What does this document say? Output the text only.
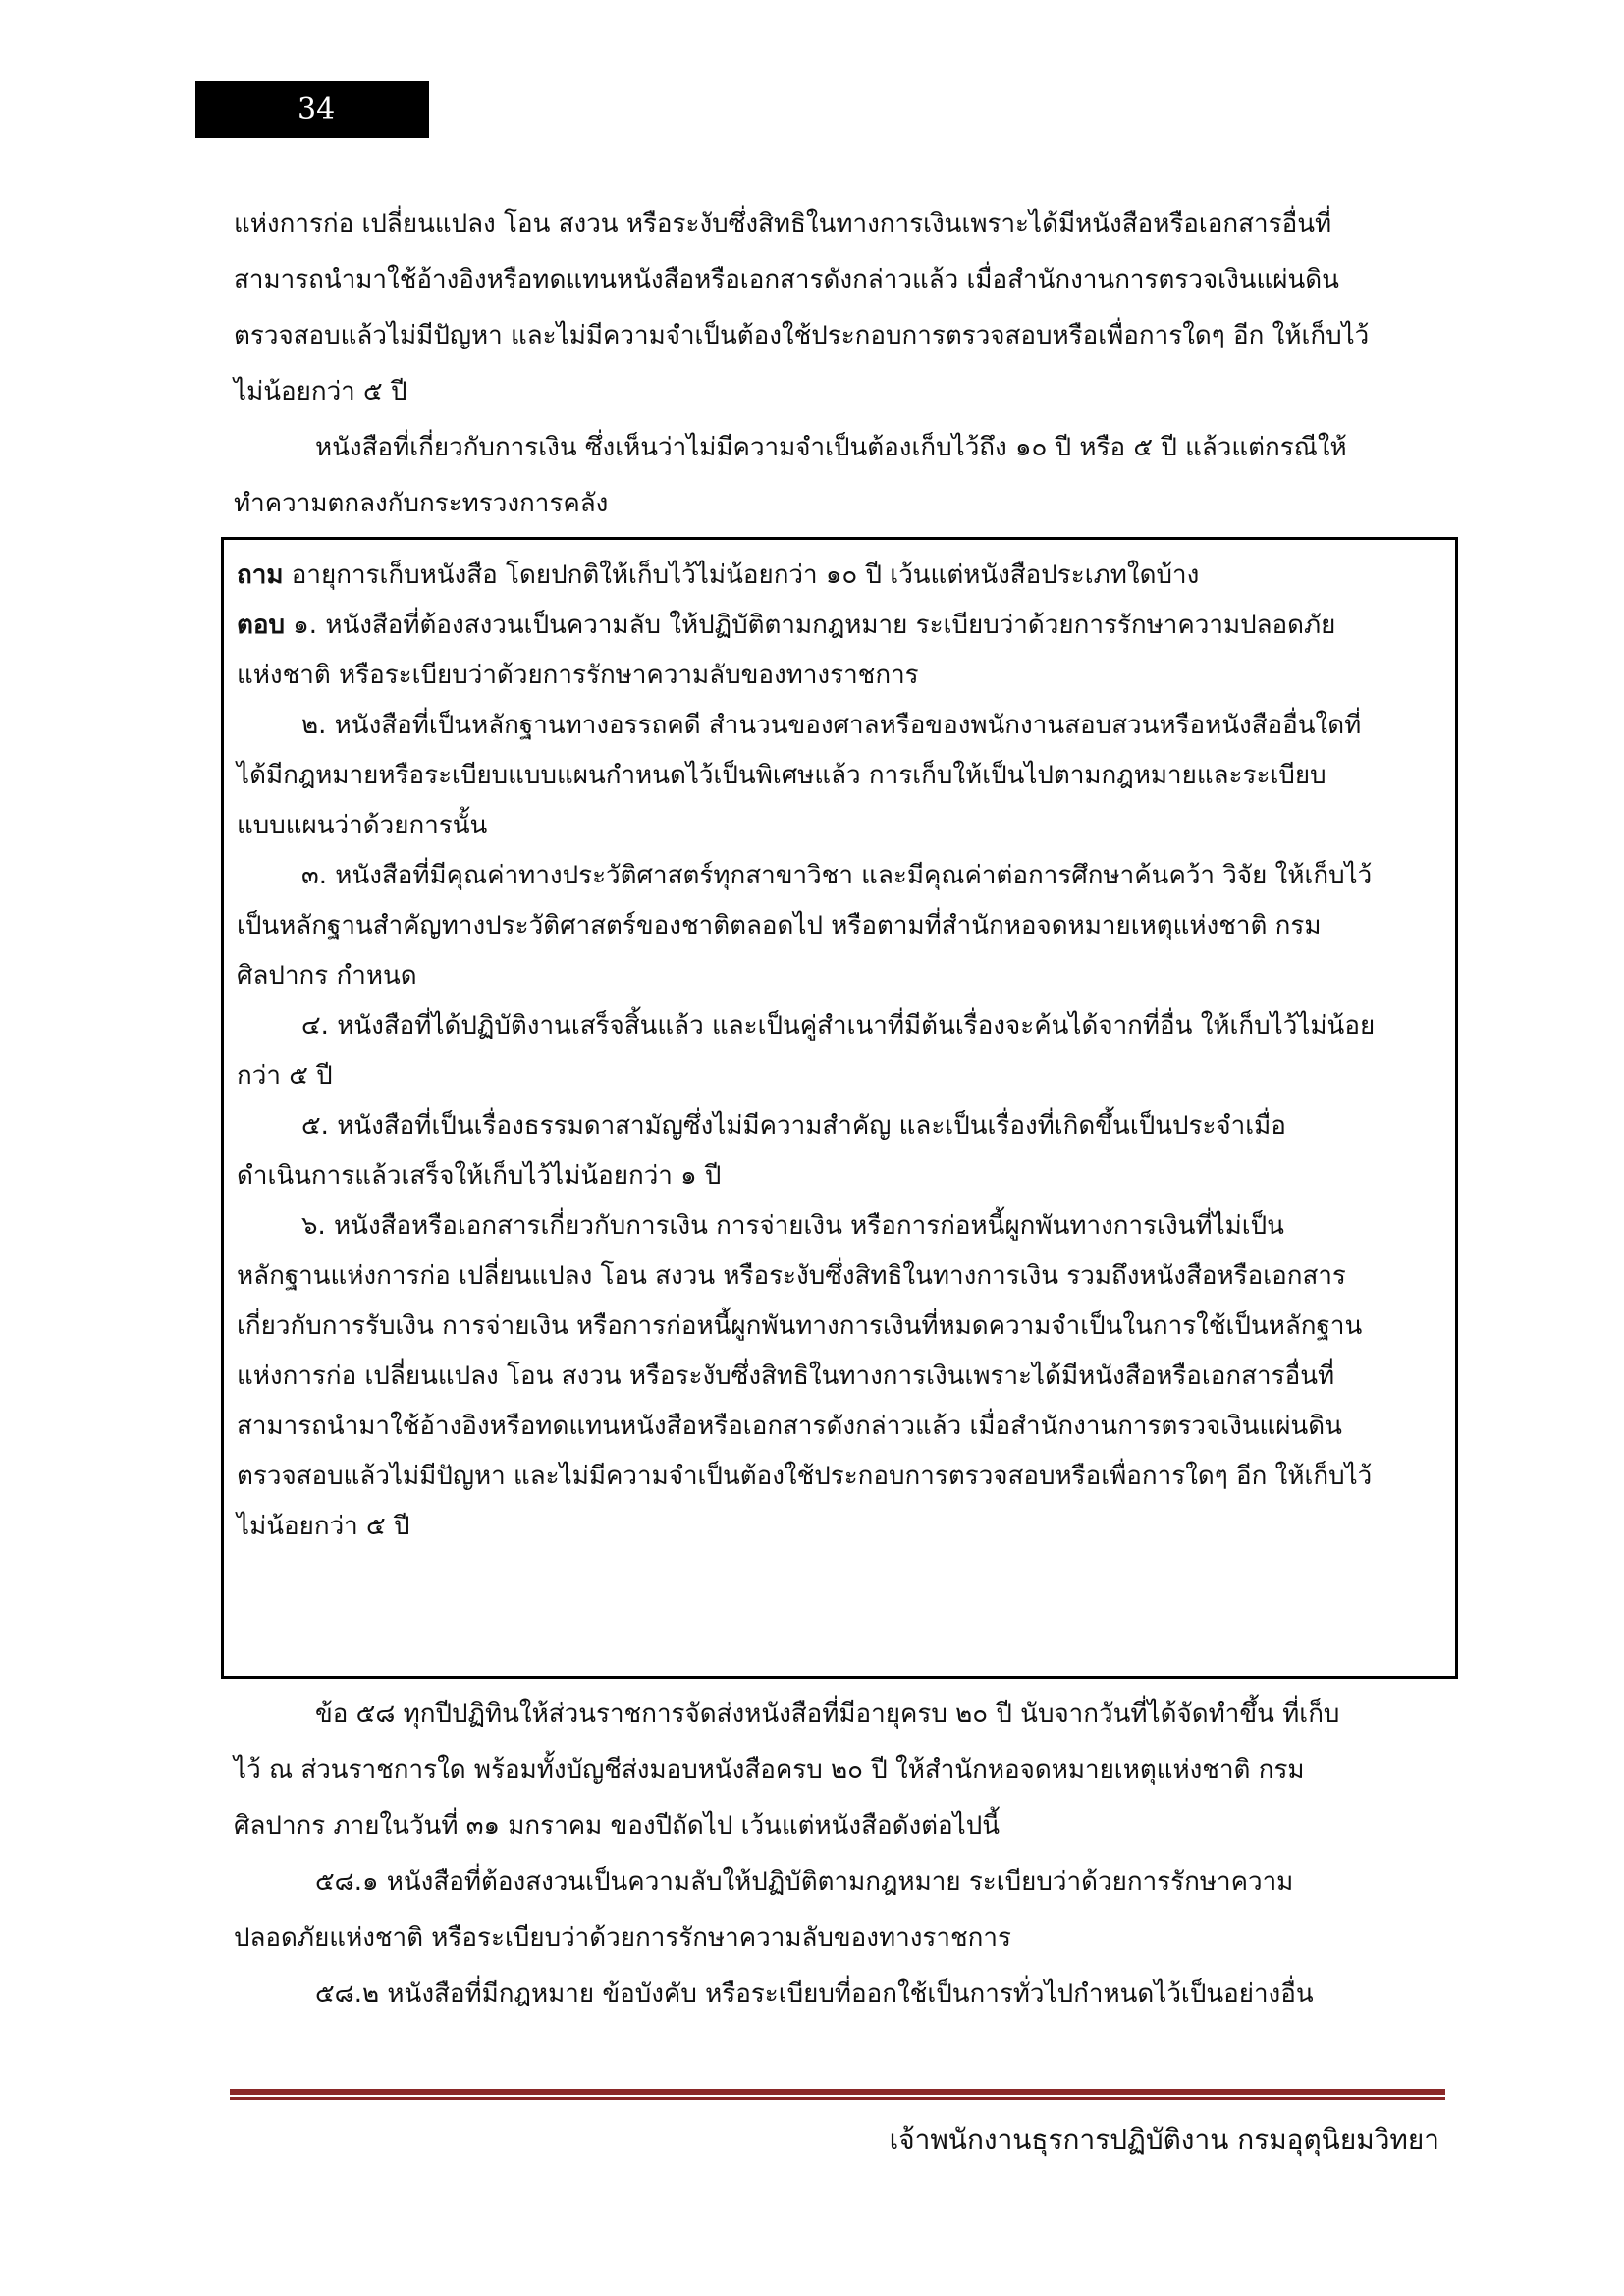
34

แห่งการก่อ เปลี่ยนแปลง โอน สงวน หรือระงับซึ่งสิทธิในทางการเงินเพราะได้มีหนังสือหรือเอกสารอื่นที่

สามารถนำมาใช้อ้างอิงหรือทดแทนหนังสือหรือเอกสารดังกล่าวแล้ว เมื่อสำนักงานการตรวจเงินแผ่นดิน

ตรวจสอบแล้วไม่มีปัญหา และไม่มีความจำเป็นต้องใช้ประกอบการตรวจสอบหรือเพื่อการใดๆ อีก ให้เก็บไว้

ไม่น้อยกว่า ๕ ปี

หนังสือที่เกี่ยวกับการเงิน ซึ่งเห็นว่าไม่มีความจำเป็นต้องเก็บไว้ถึง ๑๐ ปี หรือ ๕ ปี แล้วแต่กรณีให้

ทำความตกลงกับกระทรวงการคลัง

ถาม อายุการเก็บหนังสือ โดยปกติให้เก็บไว้ไม่น้อยกว่า ๑๐ ปี เว้นแต่หนังสือประเภทใดบ้าง

ตอบ ๑. หนังสือที่ต้องสงวนเป็นความลับ ให้ปฏิบัติตามกฎหมาย ระเบียบว่าด้วยการรักษาความปลอดภัย

แห่งชาติ หรือระเบียบว่าด้วยการรักษาความลับของทางราชการ

๒. หนังสือที่เป็นหลักฐานทางอรรถคดี สำนวนของศาลหรือของพนักงานสอบสวนหรือหนังสืออื่นใดที่

ได้มีกฎหมายหรือระเบียบแบบแผนกำหนดไว้เป็นพิเศษแล้ว การเก็บให้เป็นไปตามกฎหมายและระเบียบ

แบบแผนว่าด้วยการนั้น

๓. หนังสือที่มีคุณค่าทางประวัติศาสตร์ทุกสาขาวิชา และมีคุณค่าต่อการศึกษาค้นคว้า วิจัย ให้เก็บไว้

เป็นหลักฐานสำคัญทางประวัติศาสตร์ของชาติตลอดไป หรือตามที่สำนักหอจดหมายเหตุแห่งชาติ กรม

ศิลปากร กำหนด

๔. หนังสือที่ได้ปฏิบัติงานเสร็จสิ้นแล้ว และเป็นคู่สำเนาที่มีต้นเรื่องจะค้นได้จากที่อื่น ให้เก็บไว้ไม่น้อย

กว่า ๕ ปี

๕. หนังสือที่เป็นเรื่องธรรมดาสามัญซึ่งไม่มีความสำคัญ และเป็นเรื่องที่เกิดขึ้นเป็นประจำเมื่อ

ดำเนินการแล้วเสร็จให้เก็บไว้ไม่น้อยกว่า ๑ ปี

๖. หนังสือหรือเอกสารเกี่ยวกับการเงิน การจ่ายเงิน หรือการก่อหนี้ผูกพันทางการเงินที่ไม่เป็น

หลักฐานแห่งการก่อ เปลี่ยนแปลง โอน สงวน หรือระงับซึ่งสิทธิในทางการเงิน รวมถึงหนังสือหรือเอกสาร

เกี่ยวกับการรับเงิน การจ่ายเงิน หรือการก่อหนี้ผูกพันทางการเงินที่หมดความจำเป็นในการใช้เป็นหลักฐาน

แห่งการก่อ เปลี่ยนแปลง โอน สงวน หรือระงับซึ่งสิทธิในทางการเงินเพราะได้มีหนังสือหรือเอกสารอื่นที่

สามารถนำมาใช้อ้างอิงหรือทดแทนหนังสือหรือเอกสารดังกล่าวแล้ว เมื่อสำนักงานการตรวจเงินแผ่นดิน

ตรวจสอบแล้วไม่มีปัญหา และไม่มีความจำเป็นต้องใช้ประกอบการตรวจสอบหรือเพื่อการใดๆ อีก ให้เก็บไว้

ไม่น้อยกว่า ๕ ปี

ข้อ ๕๘ ทุกปีปฏิทินให้ส่วนราชการจัดส่งหนังสือที่มีอายุครบ ๒๐ ปี นับจากวันที่ได้จัดทำขึ้น ที่เก็บ

ไว้ ณ ส่วนราชการใด พร้อมทั้งบัญชีส่งมอบหนังสือครบ ๒๐ ปี ให้สำนักหอจดหมายเหตุแห่งชาติ กรม

ศิลปากร ภายในวันที่ ๓๑ มกราคม ของปีถัดไป เว้นแต่หนังสือดังต่อไปนี้

๕๘.๑ หนังสือที่ต้องสงวนเป็นความลับให้ปฏิบัติตามกฎหมาย ระเบียบว่าด้วยการรักษาความ

ปลอดภัยแห่งชาติ หรือระเบียบว่าด้วยการรักษาความลับของทางราชการ

๕๘.๒ หนังสือที่มีกฎหมาย ข้อบังคับ หรือระเบียบที่ออกใช้เป็นการทั่วไปกำหนดไว้เป็นอย่างอื่น

เจ้าพนักงานธุรการปฏิบัติงาน กรมอุตุนิยมวิทยา
